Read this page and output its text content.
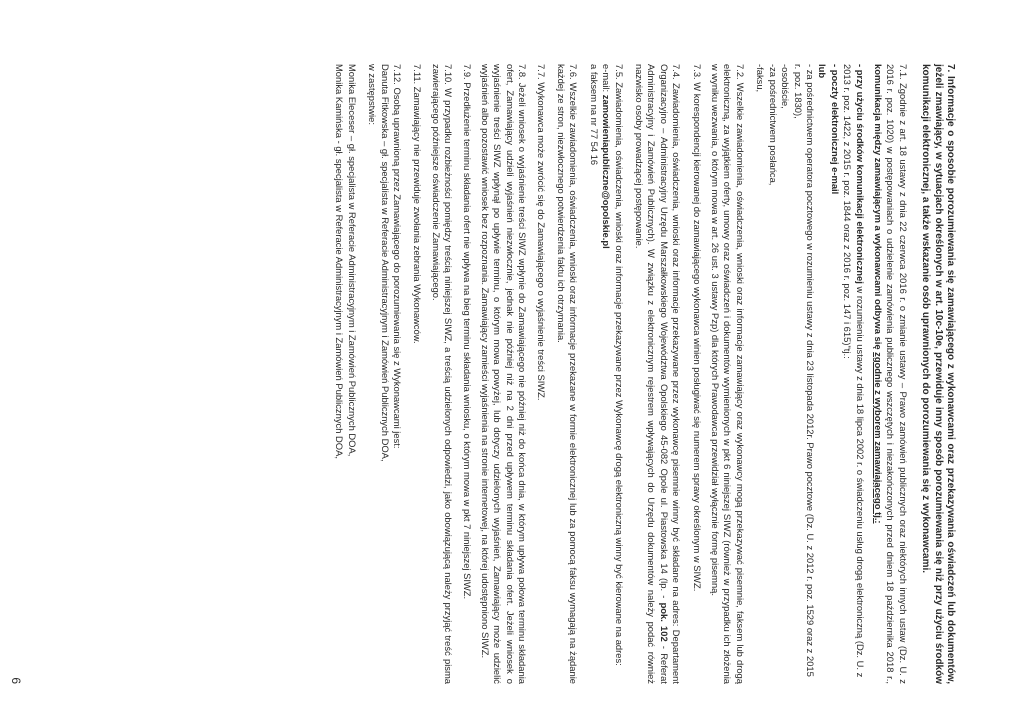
7. Informacje o sposobie porozumiewania się zamawiającego z wykonawcami oraz przekazywania oświadczeń lub dokumentów, jeżeli zmawiający, w sytuacjach określonych w art. 10c-10e, przewiduje inny sposób porozumiewania się niż przy użyciu środków komunikacji elektronicznej, a także wskazanie osób uprawnionych do porozumiewania się z wykonawcami.

7.1. Zgodnie z art. 18 ustawy z dnia 22 czerwca 2016 r. o zmianie ustawy – Prawo zamówień publicznych oraz niektórych innych ustaw (Dz. U. z 2016 r. poz. 1020) w postępowaniach o udzielenie zamówienia publicznego wszczętych i niezakończonych przed dniem 18 października 2018 r., komunikacja między zamawiającym a wykonawcami odbywa się zgodnie z wyborem zamawiającego tj.:

- przy użyciu środków komunikacji elektronicznej w rozumieniu ustawy z dnia 18 lipca 2002 r. o świadczeniu usług drogą elektroniczną (Dz. U. z 2013 r. poz. 1422, z 2015 r. poz. 1844 oraz z 2016 r. poz. 147 i 615)"tj.:
- poczty elektronicznej e-mail
lub
- za pośrednictwem operatora pocztowego w rozumieniu ustawy z dnia 23 listopada 2012r. Prawo pocztowe (Dz. U. z 2012 r. poz. 1529 oraz z 2015 r. poz. 1830),
-osobiście,
-za pośrednictwem posłańca,
-faksu,

7.2. Wszelkie zawiadomienia, oświadczenia, wnioski oraz informacje zamawiający oraz wykonawcy mogą przekazywać pisemnie, faksem lub drogą elektroniczną, za wyjątkiem oferty, umowy oraz oświadczeń i dokumentów wymienionych w pkt 6 niniejszej SIWZ (również w przypadku ich złożenia w wyniku wezwania, o którym mowa w art. 26 ust. 3 ustawy Pzp) dla których Prawodawca przewidział wyłącznie formę pisemną.

7.3. W korespondencji kierowanej do zamawiającego wykonawca winien posługiwać się numerem sprawy określonym w SIWZ.

7.4. Zawiadomienia, oświadczenia, wnioski oraz informacje przekazywane przez wykonawcę pisemnie winny być składane na adres: Departament Organizacyjno – Administracyjny Urzędu Marszałkowskiego Województwa Opolskiego 45-082 Opole ul. Piastowska 14 (lp. - pok. 102 - Referat Administracyjny i Zamówień Publicznych). W związku z elektronicznym rejestrem wpływających do Urzędu dokumentów należy podać również nazwisko osoby prowadzącej postępowanie.

7.5. Zawiadomienia, oświadczenia, wnioski oraz informacje przekazywane przez Wykonawcę drogą elektroniczną winny być kierowane na adres:
e-mail: zamowieniapubliczne@opolskie.pl
a faksem na nr 77 54 16

7.6. Wszelkie zawiadomienia, oświadczenia, wnioski oraz informacje przekazane w formie elektronicznej lub za pomocą faksu wymagają na żądanie każdej ze stron, niezwłocznego potwierdzenia faktu ich otrzymania.

7.7. Wykonawca może zwrócić się do Zamawiającego o wyjaśnienie treści SIWZ.

7.8. Jeżeli wniosek o wyjaśnienie treści SIWZ wpłynie do Zamawiającego nie później niż do końca dnia, w którym upływa połowa terminu składania ofert, Zamawiający udzieli wyjaśnień niezwłocznie, jednak nie później niż na 2 dni przed upływem terminu składania ofert. Jeżeli wniosek o wyjaśnienie treści SIWZ wpłynął po upływie terminu, o którym mowa powyżej, lub dotyczy udzielonych wyjaśnień, Zamawiający może udzielić wyjaśnień albo pozostawić wniosek bez rozpoznania. Zamawiający zamieści wyjaśnienia na stronie internetowej, na której udostępniono SIWZ.

7.9. Przedłużenie terminu składania ofert nie wpływa na bieg terminu składania wniosku, o którym mowa w pkt 7 niniejszej SIWZ.

7.10. W przypadku rozbieżności pomiędzy treścią niniejszej SIWZ, a treścią udzielonych odpowiedzi, jako obowiązującą należy przyjąć treść pisma zawierającego późniejsze oświadczenie Zamawiającego.

7.11. Zamawiający nie przewiduje zwołania zebrania Wykonawców.

7.12. Osobą uprawnioną przez Zamawiającego do porozumiewania się z Wykonawcami jest:
Danuta Fitkowska – gł. specjalista w Referacie Administracyjnym i Zamówień Publicznych DOA,
w zastępstwie:
Monika Eleceser – gł. specjalista w Referacie Administracyjnym i Zamówień Publicznych DOA,
Monika Kamińska - gł. specjalista w Referacie Administracyjnym i Zamówień Publicznych DOA,
6
